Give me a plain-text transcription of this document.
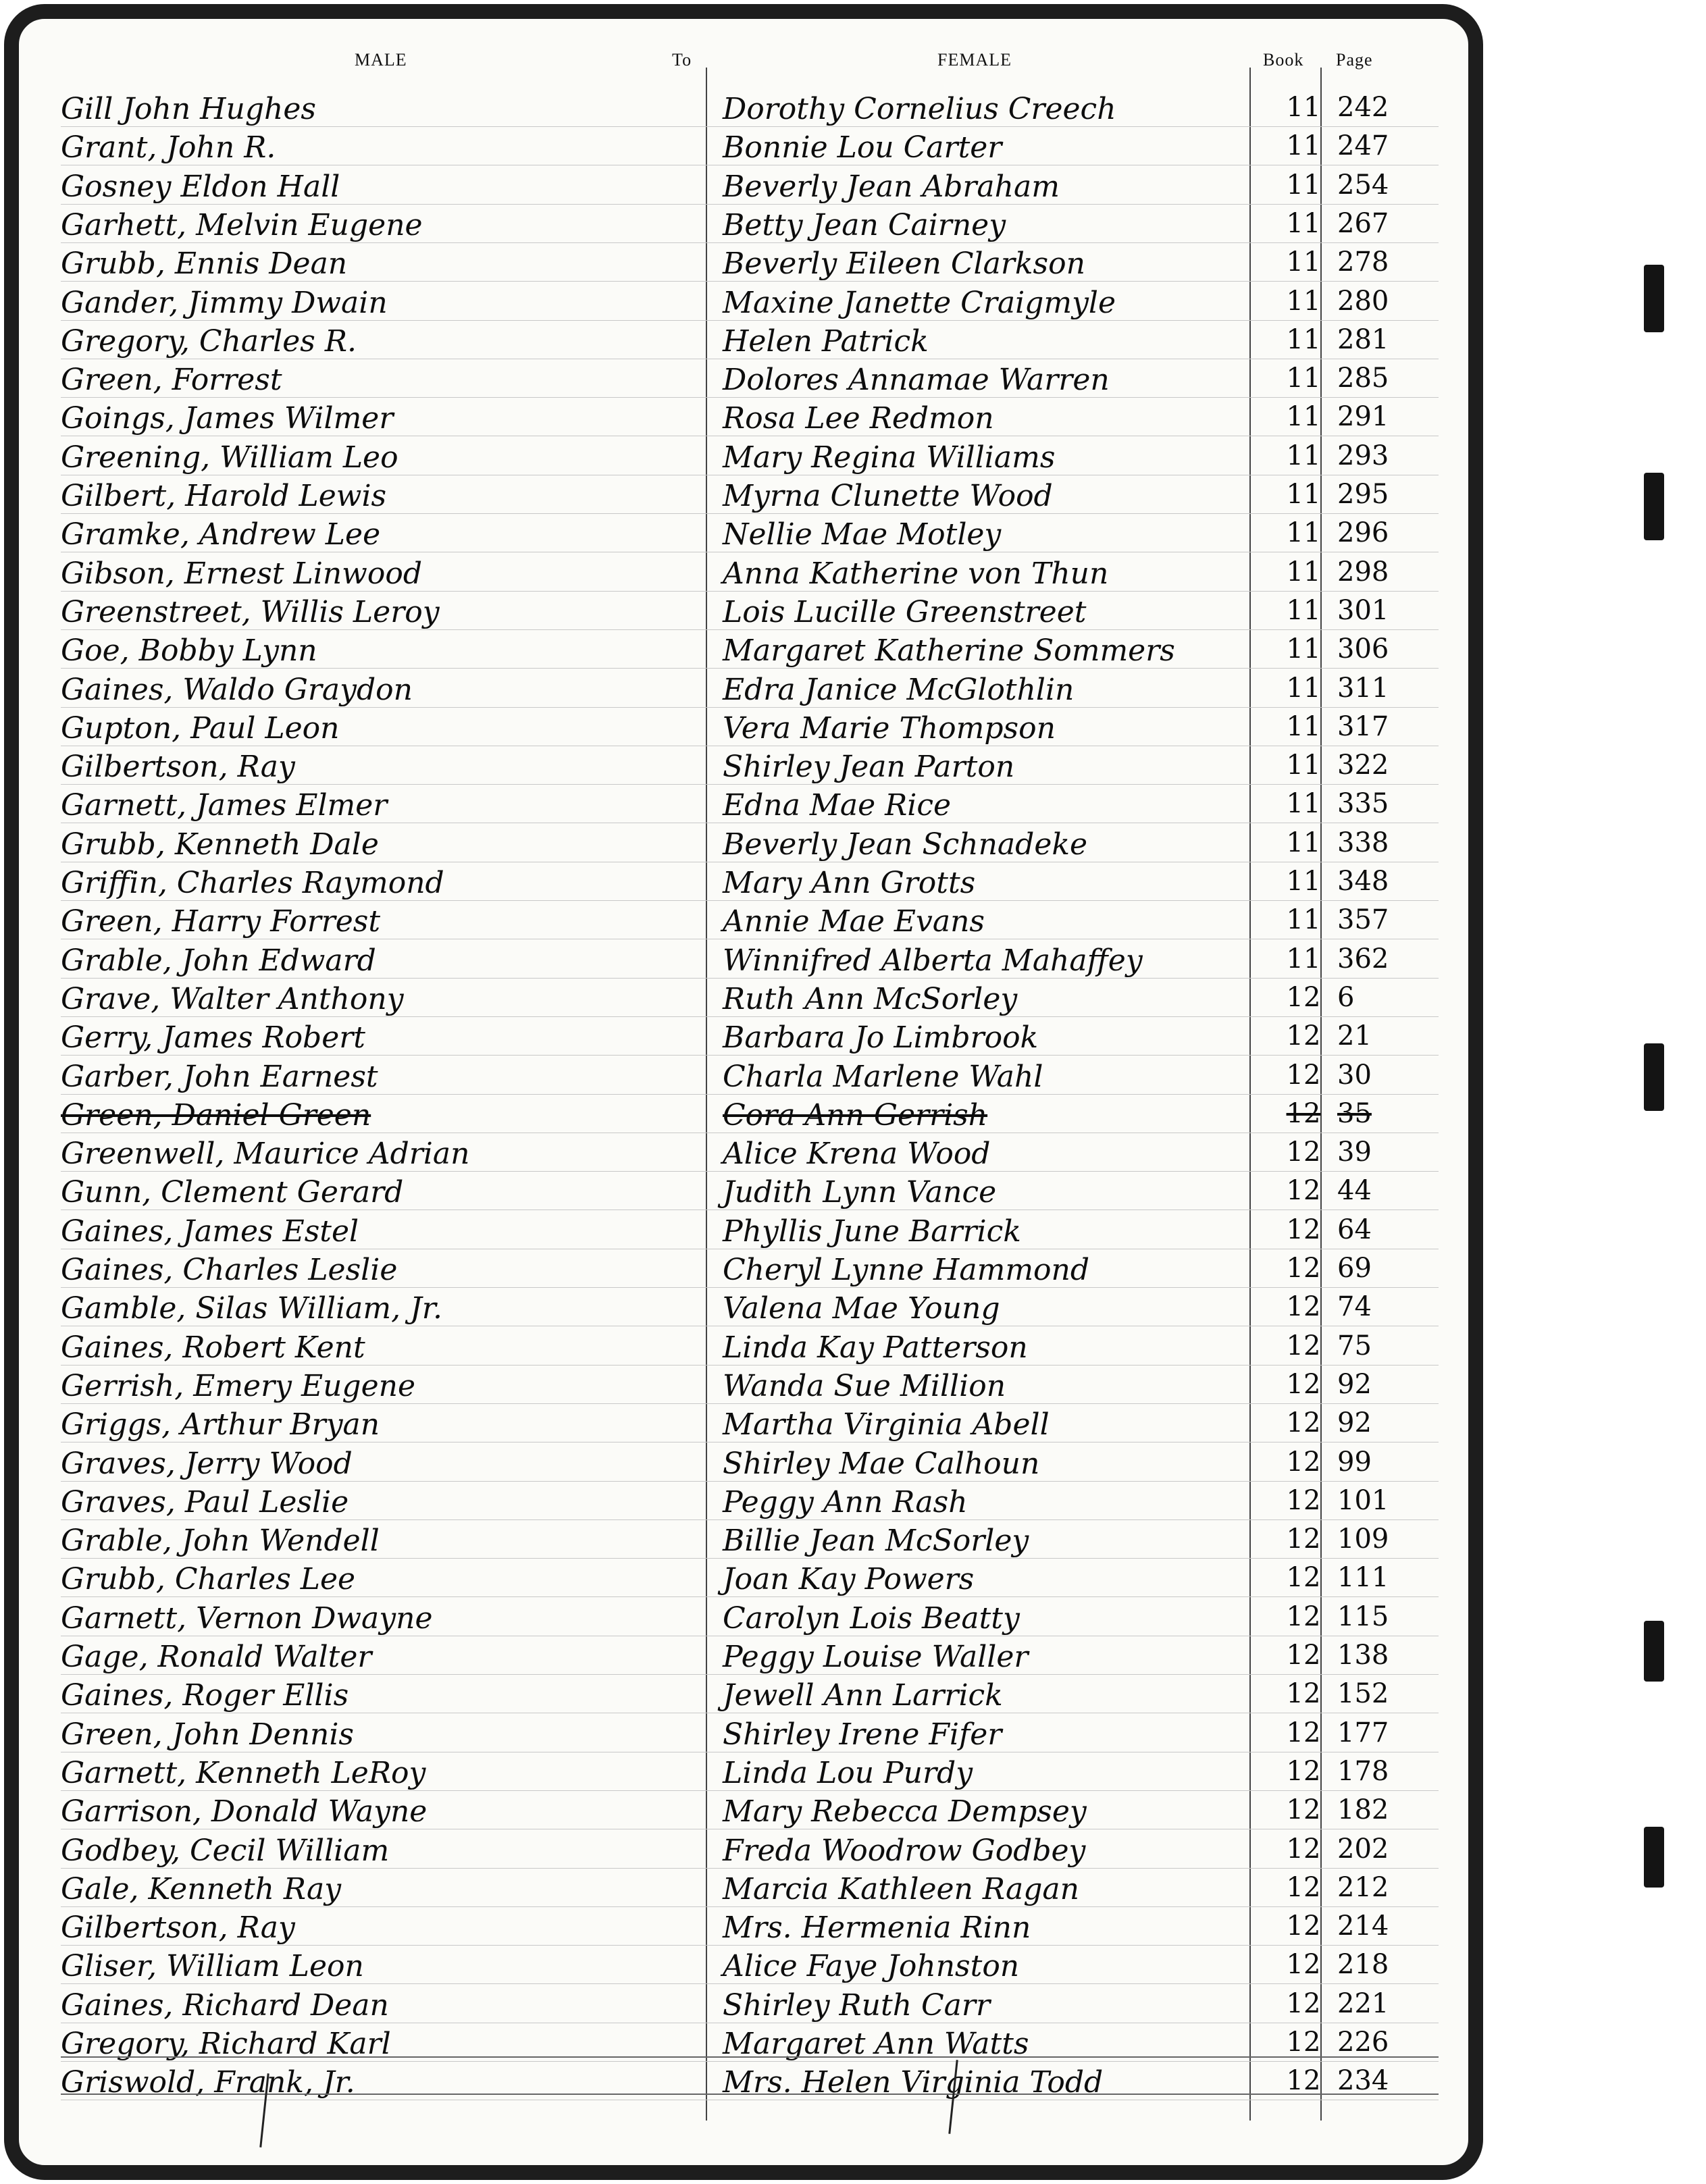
MALE	To	FEMALE	Book Page
Gill John Hughes	Dorothy Cornelius Creech	11 242
Grant, John R.	Bonnie Lou Carter	11 247
Gosney Eldon Hall	Beverly Jean Abraham	11 254
Garhett, Melvin Eugene	Betty Jean Cairney	11 267
Grubb, Ennis Dean	Beverly Eileen Clarkson	11 278
Gander, Jimmy Dwain	Maxine Janette Craigmyle	11 280
Gregory, Charles R.	Helen Patrick	11 281
Green, Forrest	Dolores Annamae Warren	11 285
Goings, James Wilmer	Rosa Lee Redmon	11 291
Greening, William Leo	Mary Regina Williams	11 293
Gilbert, Harold Lewis	Myrna Clunette Wood	11 295
Gramke, Andrew Lee	Nellie Mae Motley	11 296
Gibson, Ernest Linwood	Anna Katherine von Thun	11 298
Greenstreet, Willis Leroy	Lois Lucille Greenstreet	11 301
Goe, Bobby Lynn	Margaret Katherine Sommers	11 306
Gaines, Waldo Graydon	Edra Janice McGlothlin	11 311
Gupton, Paul Leon	Vera Marie Thompson	11 317
Gilbertson, Ray	Shirley Jean Parton	11 322
Garnett, James Elmer	Edna Mae Rice	11 335
Grubb, Kenneth Dale	Beverly Jean Schnadeke	11 338
Griffin, Charles Raymond	Mary Ann Grotts	11 348
Green, Harry Forrest	Annie Mae Evans	11 357
Grable, John Edward	Winnifred Alberta Mahaffey	11 362
Grave, Walter Anthony	Ruth Ann McSorley	12 6
Gerry, James Robert	Barbara Jo Limbrook	12 21
Garber, John Earnest	Charla Marlene Wahl	12 30
Green, Daniel Green	Cora Ann Gerrish	12 35
Greenwell, Maurice Adrian	Alice Krena Wood	12 39
Gunn, Clement Gerard	Judith Lynn Vance	12 44
Gaines, James Estel	Phyllis June Barrick	12 64
Gaines, Charles Leslie	Cheryl Lynne Hammond	12 69
Gamble, Silas William, Jr.	Valena Mae Young	12 74
Gaines, Robert Kent	Linda Kay Patterson	12 75
Gerrish, Emery Eugene	Wanda Sue Million	12 92
Griggs, Arthur Bryan	Martha Virginia Abell	12 92
Graves, Jerry Wood	Shirley Mae Calhoun	12 99
Graves, Paul Leslie	Peggy Ann Rash	12 101
Grable, John Wendell	Billie Jean McSorley	12 109
Grubb, Charles Lee	Joan Kay Powers	12 111
Garnett, Vernon Dwayne	Carolyn Lois Beatty	12 115
Gage, Ronald Walter	Peggy Louise Waller	12 138
Gaines, Roger Ellis	Jewell Ann Larrick	12 152
Green, John Dennis	Shirley Irene Fifer	12 177
Garnett, Kenneth LeRoy	Linda Lou Purdy	12 178
Garrison, Donald Wayne	Mary Rebecca Dempsey	12 182
Godbey, Cecil William	Freda Woodrow Godbey	12 202
Gale, Kenneth Ray	Marcia Kathleen Ragan	12 212
Gilbertson, Ray	Mrs. Hermenia Rinn	12 214
Gliser, William Leon	Alice Faye Johnston	12 218
Gaines, Richard Dean	Shirley Ruth Carr	12 221
Gregory, Richard Karl	Margaret Ann Watts	12 226
Griswold, Frank, Jr.	Mrs. Helen Virginia Todd	12 234
